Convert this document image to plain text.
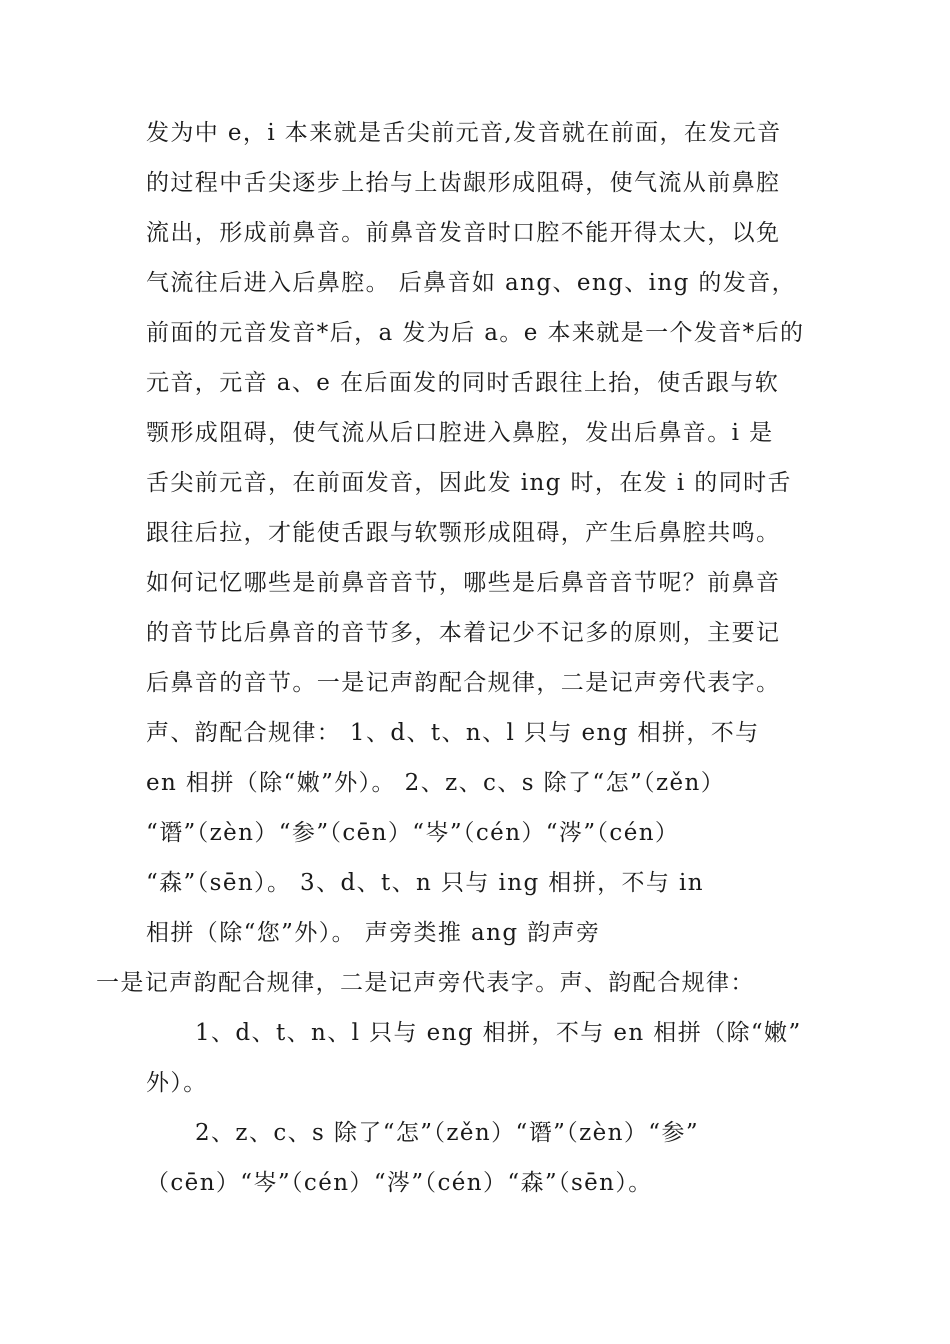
发为中 e，i 本来就是舌尖前元音,发音就在前面，在发元音
的过程中舌尖逐步上抬与上齿龈形成阻碍，使气流从前鼻腔
流出，形成前鼻音。前鼻音发音时口腔不能开得太大，以免
气流往后进入后鼻腔。 后鼻音如 ang、eng、ing 的发音，
前面的元音发音*后，a 发为后 a。e 本来就是一个发音*后的
元音，元音 a、e 在后面发的同时舌跟往上抬，使舌跟与软
颚形成阻碍，使气流从后口腔进入鼻腔，发出后鼻音。i 是
舌尖前元音，在前面发音，因此发 ing 时，在发 i 的同时舌
跟往后拉，才能使舌跟与软颚形成阻碍，产生后鼻腔共鸣。
如何记忆哪些是前鼻音音节，哪些是后鼻音音节呢？前鼻音
的音节比后鼻音的音节多，本着记少不记多的原则，主要记
后鼻音的音节。一是记声韵配合规律，二是记声旁代表字。
声、韵配合规律： 1、d、t、n、l 只与 eng 相拼，不与
en 相拼（除“嫩”外）。 2、z、c、s 除了“怎”（zěn）
“谮”（zèn）“参”（cēn）“岑”（cén）“涔”（cén）
“森”（sēn）。 3、d、t、n 只与 ing 相拼，不与 in
相拼（除“您”外）。 声旁类推 ang 韵声旁
一是记声韵配合规律，二是记声旁代表字。声、韵配合规律：
1、d、t、n、l 只与 eng 相拼，不与 en 相拼（除“嫩”
外）。
2、z、c、s 除了“怎”（zěn）“谮”（zèn）“参”
（cēn）“岑”（cén）“涔”（cén）“森”（sēn）。
